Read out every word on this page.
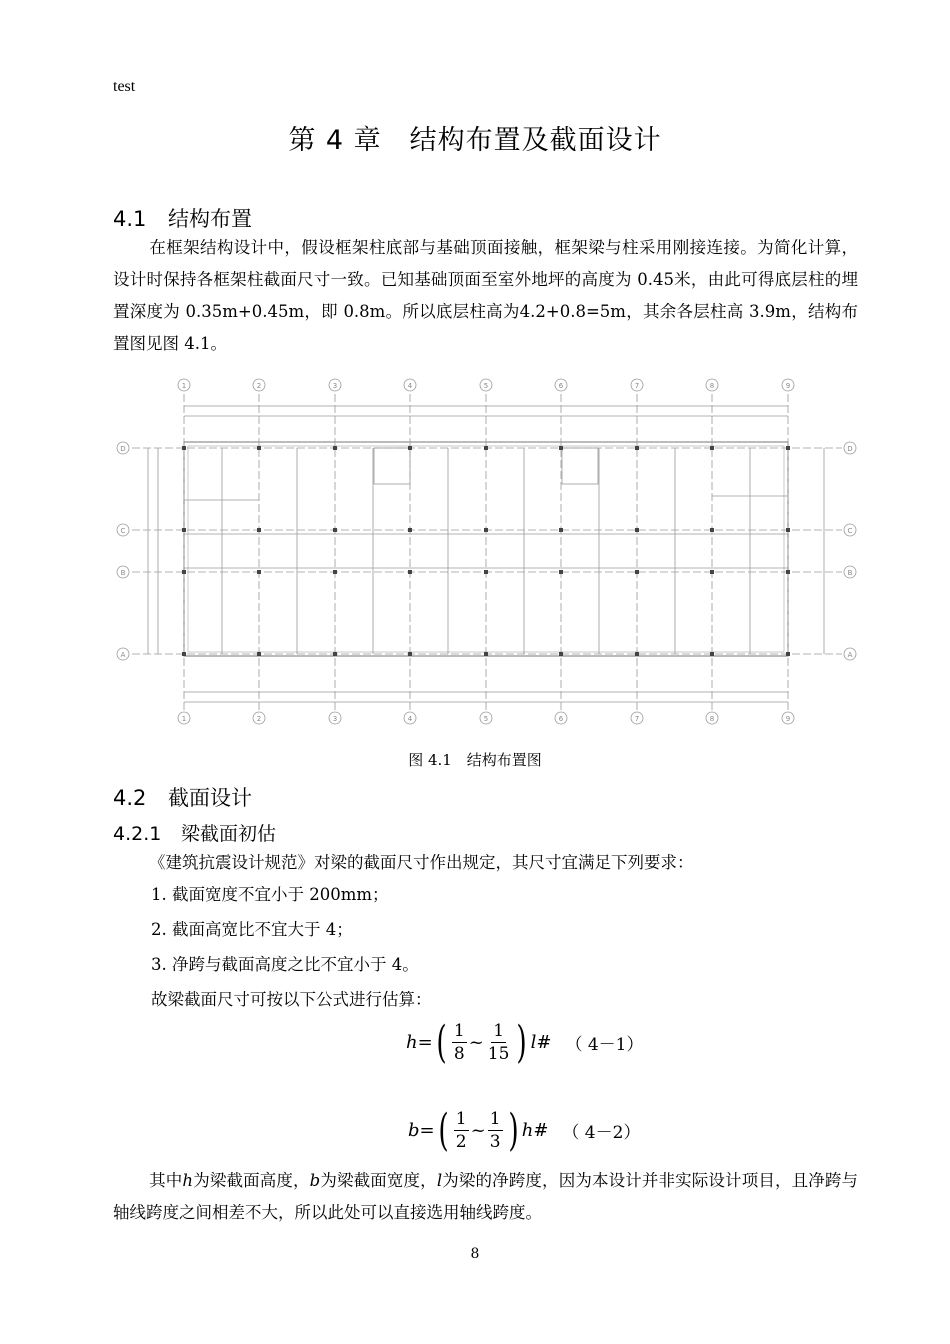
test
第 4 章　结构布置及截面设计
4.1 结构布置
在框架结构设计中，假设框架柱底部与基础顶面接触，框架梁与柱采用刚接连接。为简化计算，设计时保持各框架柱截面尺寸一致。已知基础顶面至室外地坪的高度为 0.45米，由此可得底层柱的埋置深度为 0.35m+0.45m，即 0.8m。所以底层柱高为4.2+0.8=5m，其余各层柱高 3.9m，结构布置图见图 4.1。
1	2	3	4	5	6	7	8	9
1	2	3	4	5	6	7	8	9
D
C
B
A
D
C
B
A
图 4.1　结构布置图
4.2 截面设计
4.2.1 梁截面初估
《建筑抗震设计规范》对梁的截面尺寸作出规定，其尺寸宜满足下列要求：
1. 截面宽度不宜小于 200mm；
2. 截面高宽比不宜大于 4；
3. 净跨与截面高度之比不宜小于 4。
故梁截面尺寸可按以下公式进行估算：
h = ( $\frac{1}{8}$ ~ $\frac{1}{15}$ ) l # （ 4－1）
b = ( $\frac{1}{2}$ ~ $\frac{1}{3}$ ) h # （ 4－2）
其中h为梁截面高度，b为梁截面宽度，l为梁的净跨度，因为本设计并非实际设计项目，且净跨与轴线跨度之间相差不大，所以此处可以直接选用轴线跨度。
8
